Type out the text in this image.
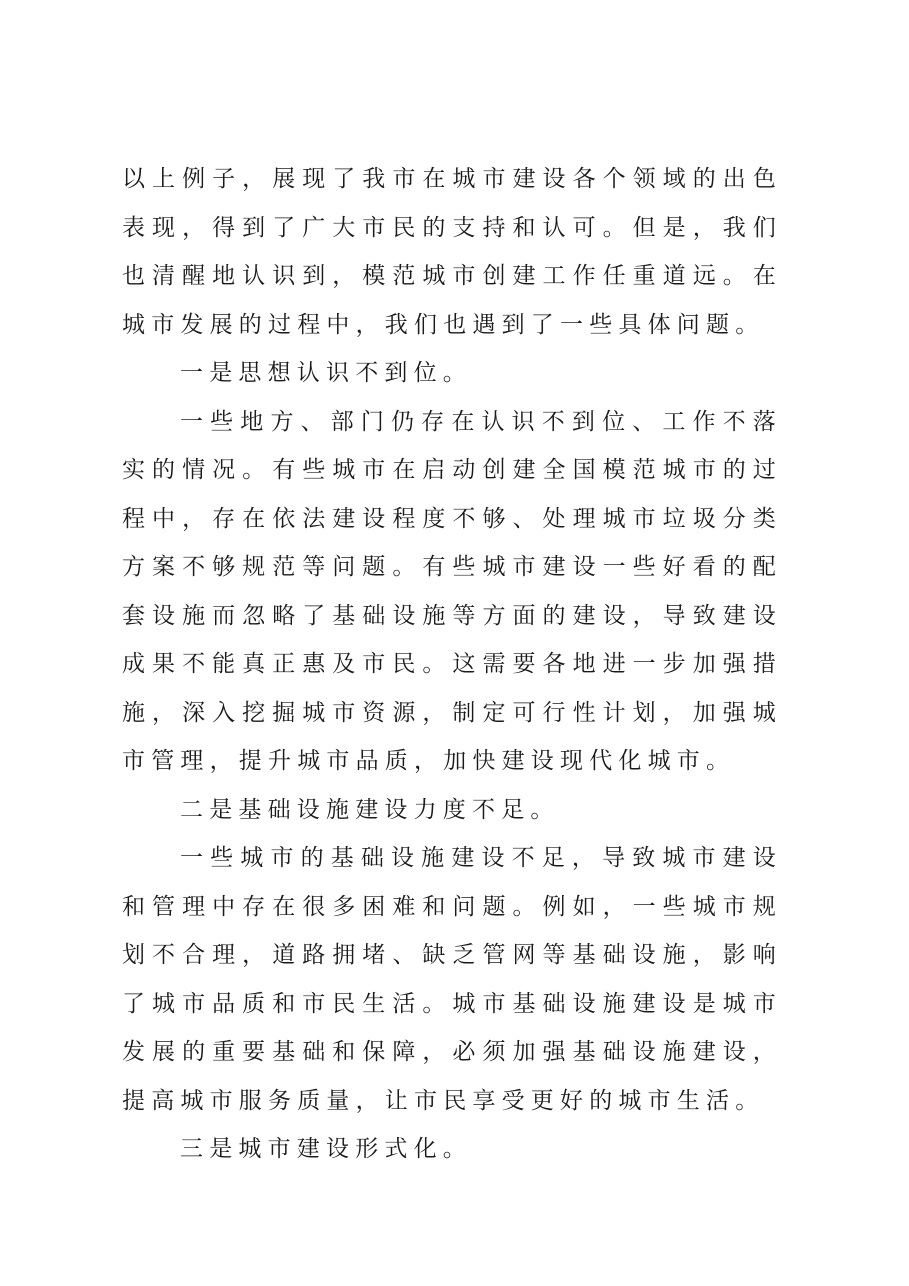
以上例子，展现了我市在城市建设各个领域的出色表现，得到了广大市民的支持和认可。但是，我们也清醒地认识到，模范城市创建工作任重道远。在城市发展的过程中，我们也遇到了一些具体问题。

一是思想认识不到位。

一些地方、部门仍存在认识不到位、工作不落实的情况。有些城市在启动创建全国模范城市的过程中，存在依法建设程度不够、处理城市垃圾分类方案不够规范等问题。有些城市建设一些好看的配套设施而忽略了基础设施等方面的建设，导致建设成果不能真正惠及市民。这需要各地进一步加强措施，深入挖掘城市资源，制定可行性计划，加强城市管理，提升城市品质，加快建设现代化城市。

二是基础设施建设力度不足。

一些城市的基础设施建设不足，导致城市建设和管理中存在很多困难和问题。例如，一些城市规划不合理，道路拥堵、缺乏管网等基础设施，影响了城市品质和市民生活。城市基础设施建设是城市发展的重要基础和保障，必须加强基础设施建设，提高城市服务质量，让市民享受更好的城市生活。

三是城市建设形式化。
